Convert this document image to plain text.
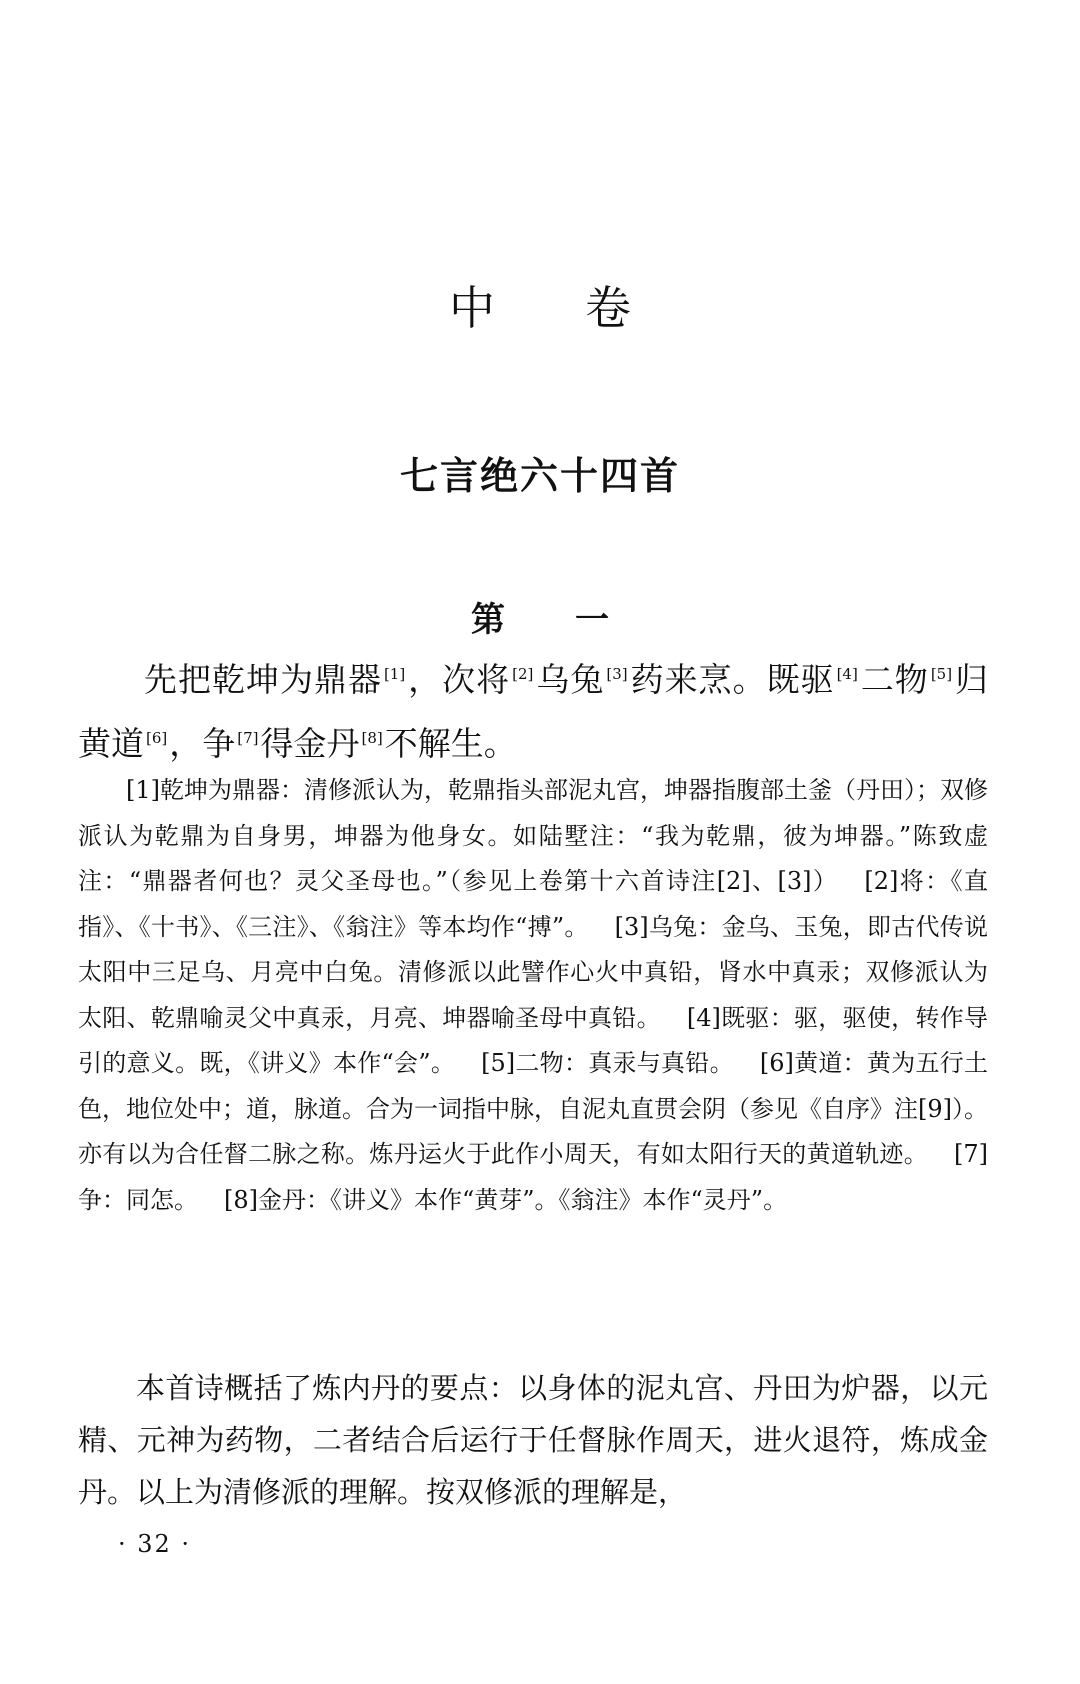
中卷
七言绝六十四首
第一
先把乾坤为鼎器 [1]，次将 [2]乌兔 [3]药来烹。既驱 [4]二物 [5]归黄道 [6]，争 [7]得金丹 [8]不解生。
[1]乾坤为鼎器：清修派认为，乾鼎指头部泥丸宫，坤器指腹部土釜（丹田）；双修派认为乾鼎为自身男，坤器为他身女。如陆墅注：“我为乾鼎，彼为坤器。”陈致虚注：“鼎器者何也？灵父圣母也。”（参见上卷第十六首诗注[2]、[3]） [2]将：《直指》、《十书》、《三注》、《翁注》等本均作“搏”。 [3]乌兔：金乌、玉兔，即古代传说太阳中三足乌、月亮中白兔。清修派以此譬作心火中真铅，肾水中真汞；双修派认为太阳、乾鼎喻灵父中真汞，月亮、坤器喻圣母中真铅。 [4]既驱：驱，驱使，转作导引的意义。既，《讲义》本作“会”。 [5]二物：真汞与真铅。 [6]黄道：黄为五行土色，地位处中；道，脉道。合为一词指中脉，自泥丸直贯会阴（参见《自序》注[9]）。亦有以为合任督二脉之称。炼丹运火于此作小周天，有如太阳行天的黄道轨迹。 [7]争：同怎。 [8]金丹：《讲义》本作“黄芽”。《翁注》本作“灵丹”。
本首诗概括了炼内丹的要点：以身体的泥丸宫、丹田为炉器，以元精、元神为药物，二者结合后运行于任督脉作周天，进火退符，炼成金丹。以上为清修派的理解。按双修派的理解是，
· 32 ·
